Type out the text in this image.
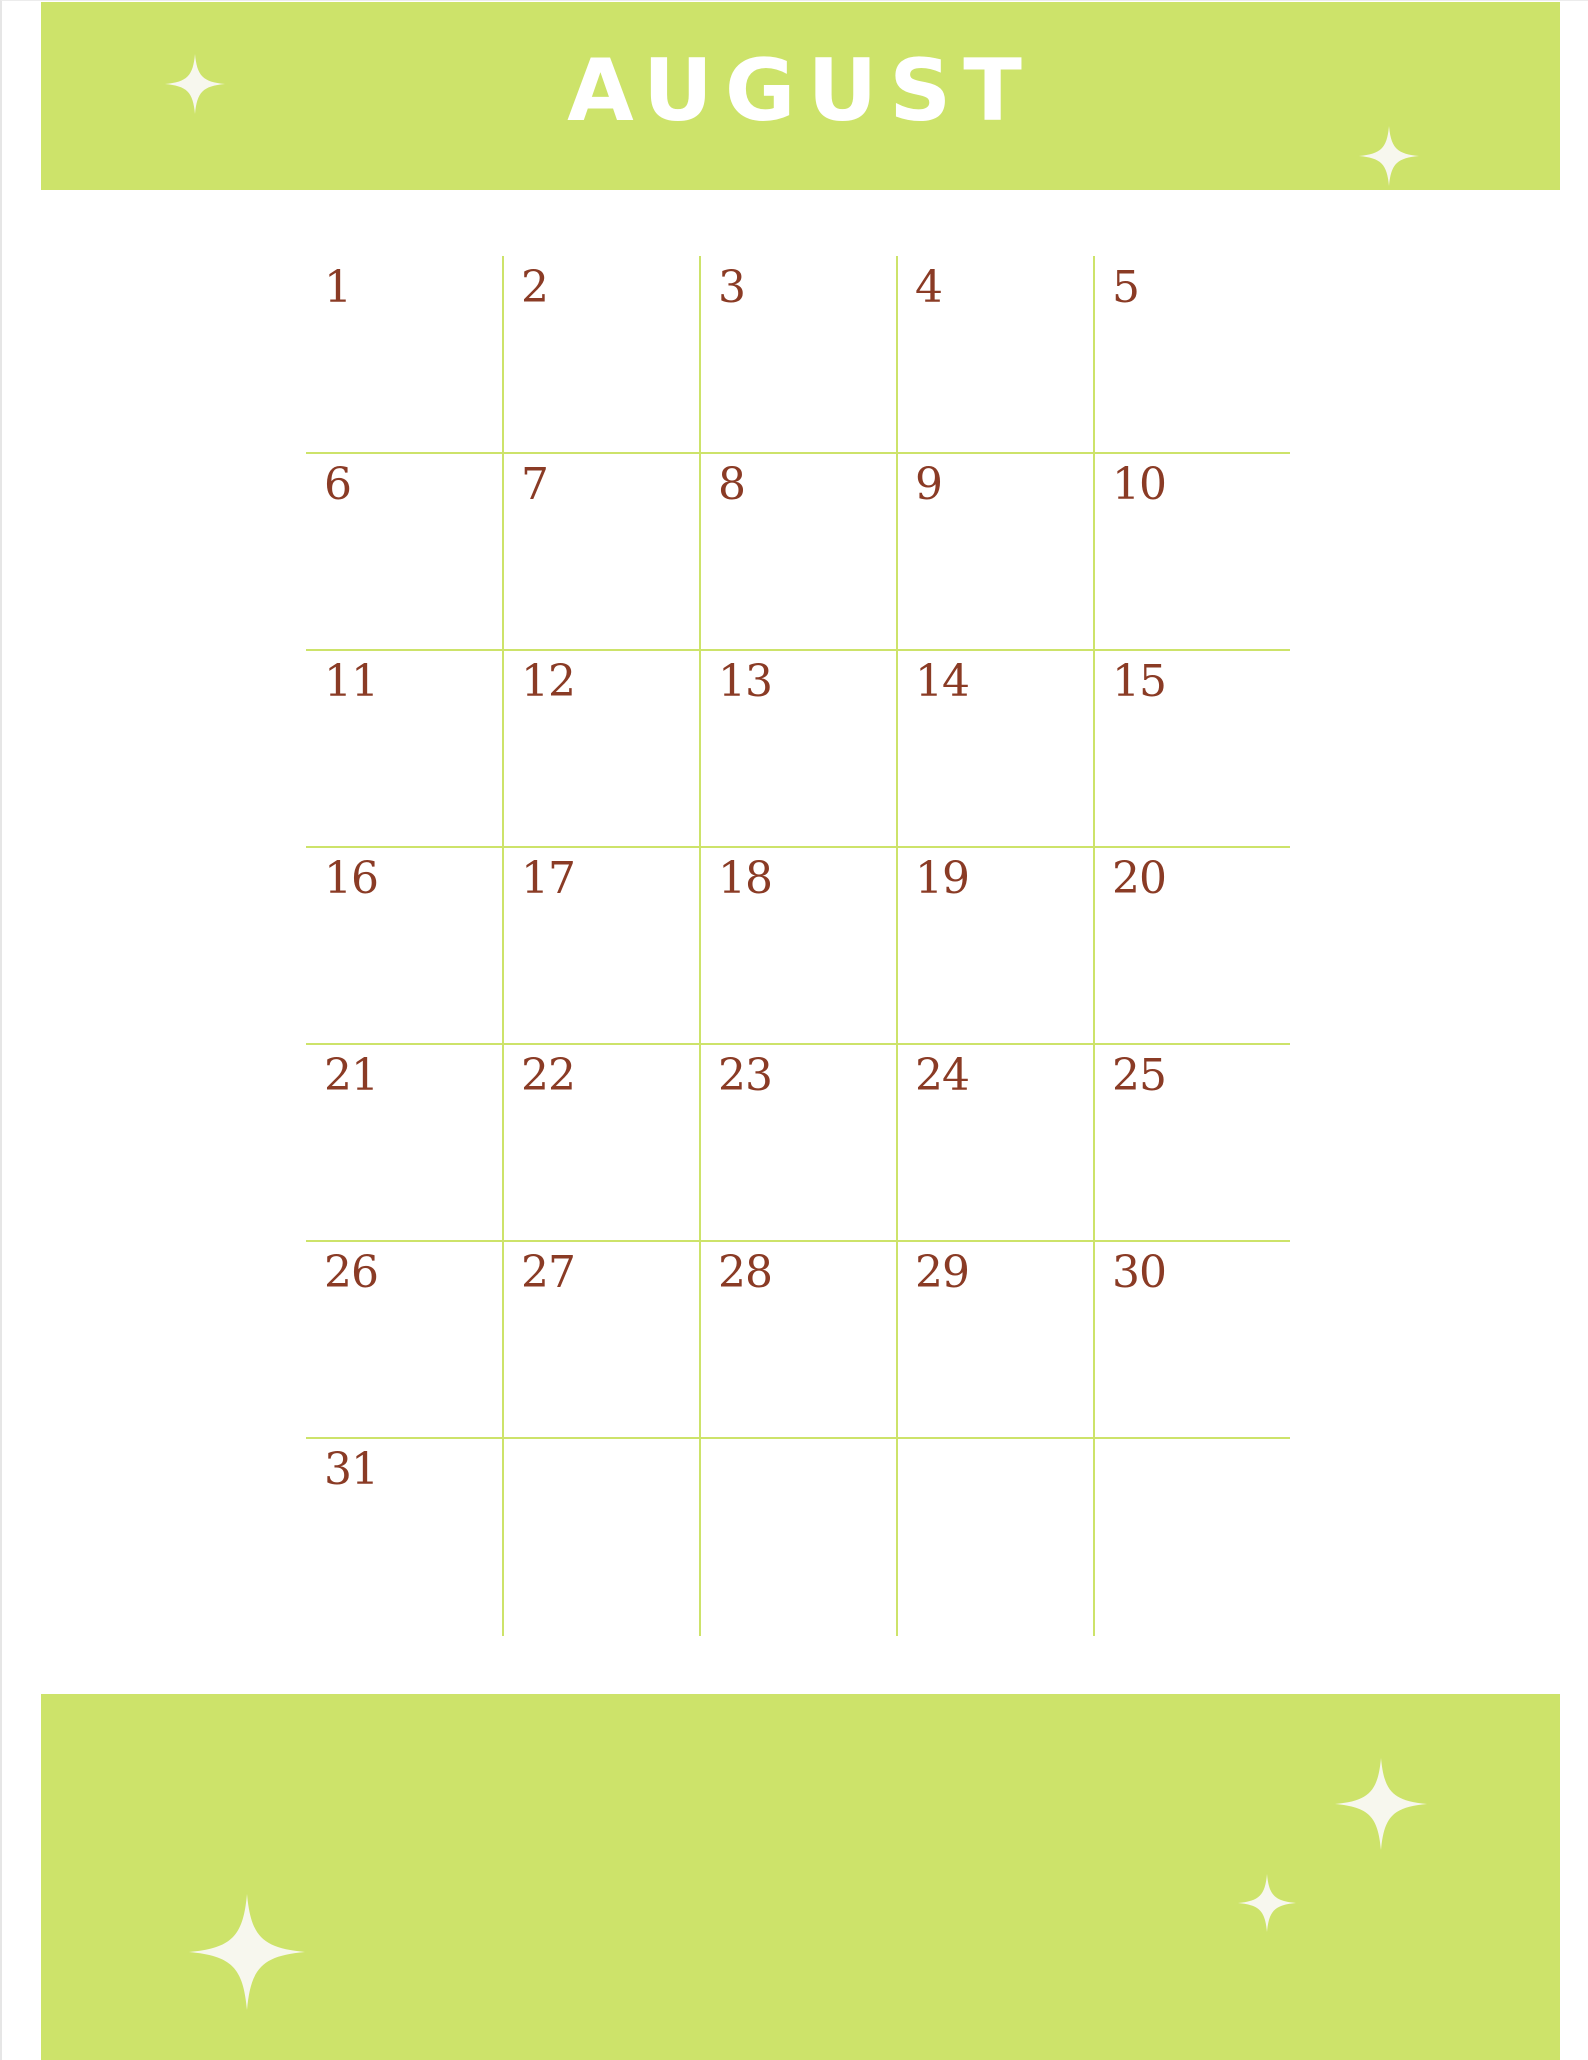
AUGUST
1	2	3	4	5
6	7	8	9	10
11	12	13	14	15
16	17	18	19	20
21	22	23	24	25
26	27	28	29	30
31
